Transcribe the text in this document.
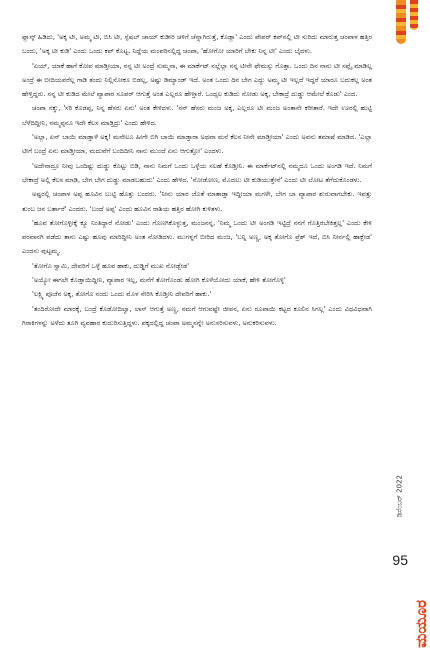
ಫ್ಲಾಸ್ಕ್ ಹಿಡಿದು, 'ಅಕ್ಕ ಟೀ, ಅಮ್ಮ ಟೀ, ಬಿಸಿ ಟೀ, ಸ್ಪೆಷಲ್ ಚಾಯ್ ಕುಡೀರಿ ಚಳಿಗೆ ಚೆನ್ನಾಗಿರುತ್ತೆ, ಕೊಡ್ಲಾ' ಎಂದು ಪೇಪರ್ ಕಪ್‌ನಲ್ಲಿ ಟೀ ಸುರಿದು ಮಾರುತ್ತ ಚಂಪಾಳ ಹತ್ತಿರ ಬಂದು, 'ಅಕ್ಕ ಟೀ ಕುಡಿ' ಎಂದು ಒಂದು ಕಪ್ ಕೊಟ್ಟ. ನಿದ್ದೆಯ ಮಂಪರಿನಲ್ಲಿದ್ದ ಚಂಪಾ, 'ಹೋಗೋ ಯಾರಿಗೆ ಬೇಕು ನಿನ್ನ ಟೀ' ಎಂದು ಬೈದಳು.

'ಏಯ್, ಯಾಕೆ ಹಾಗೆ ಕೋಪ ಮಾಡ್ತೀಯಾ, ನನ್ನ ಟೀ ಅಂದ್ರೆ ಸುಮ್ಮನಾ, ಈ ಮಾರ್ಕೆಟ್ ನಲ್ಲೆಲ್ಲಾ ನನ್ನ ಟೀನೇ ಫೇಮಸ್ಸು ಗೊತ್ತಾ. ಒಂದು ದಿನ ನಾನು ಟೀ ಸಪ್ಲೈ ಮಾಡಿಲ್ಲ ಅಂದ್ರೆ ಈ ಬೀದಿಯವರೆಲ್ಲ ಗಾಡಿ ತಂದು ನಿಲ್ಲಿಸೋಕೂ ಬಿಡಲ್ಲ, ಅಷ್ಟು ಡಿಮ್ಯಾಂಡ್ ಇದೆ. ಅಂತ ಒಂದು ದಿನ ಬೇಗ ಎದ್ದು ಅಮ್ಮ ಟೀ ಇಲ್ಲದೆ ಇದ್ದರೆ ಯಾರೂ ಬದುಕಲ್ಲ ಅಂತ ಹೇಳ್ತಿದ್ದರು. ನನ್ನ ಟೀ ಕುಡಿದ ಮೇಲೆ ವ್ಯಾಪಾರ ಸೂಪರ್ ಆಗುತ್ತೆ ಅಂತ ಎಲ್ಲರೂ ಹೇಳ್ತಾರೆ. ಒಂದ್ಸಲ ಕುಡಿದು ನೋಡು ಅಕ್ಕ, ಬೇಕಾದ್ರೆ ದುಡ್ಡು ಆಮೇಲೆ ಕೊಡು' ಎಂದ.

ಚಂಪಾ ನಕ್ಕು, 'ಸರಿ ಕೊಡಪ್ಪ, ನಿನ್ನ ಹೆಸರು ಏನು' ಅಂತ ಕೇಳಿದಳು. 'ನನ್ ಹೆಸರು ಮಂಜ ಅಕ್ಕ, ಎಲ್ಲರೂ ಟೀ ಮಂಜ ಅಂತಾನೇ ಕರೀತಾರೆ. ಇದೇ ಊರಲ್ಲಿ ಹುಟ್ಟಿ ಬೆಳೆದಿದ್ದೀನಿ, ನಮ್ಮಪ್ಪನೂ ಇದೇ ಕೆಲಸ ಮಾಡ್ತಿದ್ರು' ಎಂದು ಹೇಳಿದ.

'ಅಲ್ಲಾ, ಏನ್ ಬಾಯಿ ಮಾಡ್ತಾಳೆ ಅಕ್ಕ! ಮನೇಲೂ ಹೀಗೇ ಬಿಗಿ ಬಾಯಿ ಮಾಡ್ತಾರಾ ಅಥವಾ ಮನೆ ಕೆಲಸ ನೀನೇ ಮಾಡ್ತೀಯಾ' ಎಂದು ಅವನು ತಮಾಷೆ ಮಾಡಿದ. 'ಎಲ್ಲಾ ಟೀಗೆ ಬಂದ್ರೆ ಏನು ಮಾಡ್ತೀಯಾ, ಮದುವೆಗೆ ಬಂದಿದೀನಿ ನಾನು ಮುಂದೆ ಏನು ಆಗುತ್ತೋ' ಎಂದಳು.

'ಅದೇನಾದ್ರೂ ನೀವು ಒಂದಿಷ್ಟು ದುಡ್ಡು ಕೊಟ್ಟು ಬಿಡಿ, ನಾನು ನಿಮಗೆ ಒಂದು ಒಳ್ಳೆಯ ಸಲಹೆ ಕೊಡ್ತೀನಿ. ಈ ಮಾರ್ಕೆಟ್‌ನಲ್ಲಿ ನಮ್ಮದೂ ಒಂದು ಅಂಗಡಿ ಇದೆ. ನಿಮಗೆ ಬೇಕಾದ್ರೆ ಅಲ್ಲಿ ಕೆಲಸ ಮಾಡಿ, ಬೇಗ ಬೇಗ ದುಡ್ಡು ಮಾಡಬಹುದು' ಎಂದು ಹೇಳಿದ. 'ನೋಡೋಣ, ಮೊದಲು ಟೀ ಕುಡಿಯುತ್ತೇನೆ' ಎಂದು ಟೀ ಲೋಟ ತೆಗೆದುಕೊಂಡಳು.

ಅಷ್ಟರಲ್ಲಿ ಚಂಪಾಳ ಅಪ್ಪ ಹೂವಿನ ಬುಟ್ಟಿ ಹೊತ್ತು ಬಂದರು. 'ನೀನು ಯಾರ ಜೊತೆ ಮಾತಾಡ್ತಾ ಇದ್ದೀಯಾ ಮಗಳೇ, ಬೇಗ ಬಾ ವ್ಯಾಪಾರ ಶುರುವಾಗಬೇಕು. ಇವತ್ತು ತುಂಬ ಜನ ಬರ್ತಾರೆ' ಎಂದರು. 'ಬಂದೆ ಅಪ್ಪ' ಎಂದು ಹೂವಿನ ರಾಶಿಯ ಹತ್ತಿರ ಹೋಗಿ ಕುಳಿತಳು.

'ಹೂವ ತೋಗೊಳ್ಳೀಕ್ಕೆ ಕ್ಯೂ ನಿಂತಿದ್ದಾರೆ ನೋಡು' ಎಂದು ಗೊಣಗಿಕೊಳ್ಳುತ್ತ, ಮಂಜನನ್ನ, 'ನಿಮ್ಮ ಒಂದು ಟೀ ಅಂಗಡಿ ಇಟ್ಟಿದ್ರೆ ನನಗೆ ಗೊತ್ತಿರಬೇಕಿತ್ತಲ್ಲ' ಎಂದು ಕೇಳಿ ಪರವಾನಗಿ ಪಡೆದು ತಾನು ಎಷ್ಟು ಹೂವು ಮಾರಿದ್ದೀನಿ ಅಂತ ನೋಡಿದಳು. ಮುಗಳ್ನಗೆ ಬೀರಿದ ಮಂಜ, 'ಬನ್ನಿ ಅಣ್ಣ, ಅಕ್ಕ ತೋಗೊ ಪ್ರೆಶ್ ಇದೆ, ಬಿಸಿ ನೀರ್ನಲ್ಲಿ ಹಾಕ್ಬೇಡ' ಎಂದನು ಪುಟ್ಟಮ್ಮ.

'ತೋಗೊ ಸ್ವಾಮಿ, ದೇವರಿಗೆ ಒಳ್ಳೆ ಹೂವ ಹಾಕು, ದುಡ್ಡಿಗೆ ಮುಖ ನೋಡ್ಬೇಡ'

'ಅಯ್ಯೋ ಈಗಲೇ ಕೊಡ್ತಾಯಿದ್ದೀನಿ, ವ್ಯಾಪಾರ ಇಲ್ಲ, ಮನೆಗೆ ತೋಗೊಂಡು ಹೋಗಿ ಕೊಳೆಯೋದು ಯಾಕೆ, ಹೇಳಿ ತೋಗೊಳ್ಳಿ'

'ಲಕ್ಷ್ಮಿ ಪೂಜೆನ ಅಕ್ಕ, ತೋಗೊ ನಂದು ಒಂದು ಮೊಳ ಸೇರಿಸಿ ಕೊಡ್ತೀನಿ ದೇವರಿಗೆ ಹಾಕು.'

'ತಂದಿರೋದೇ ಮಾರಕ್ಕೆ, ಬಂದ್ರೆ ಕೊಡೋದಿಲ್ವಾ, ಲಾಸ್ ಆಗುತ್ತೆ ಅಣ್ಣ, ನಮಗೆ ಆಗುವಷ್ಟೇ ಜೀವನ, ಏನು ರೂಪಾಯಿ ಕಟ್ಟದ ಕೂಲಿನ ಸಿಗಲ್ಲ' ಎಂದು ವಿಧವಿಧವಾಗಿ ಗಿರಾಕಿಗಳನ್ನು ಅಳೆದು ತೂಗಿ ವ್ಯವಹಾರ ಕುದುರಿಸುತ್ತಿದ್ದಳು. ಪಕ್ಕದಲ್ಲಿದ್ದ ಚಂಪಾ ಅಮ್ಮನನ್ನೇ ಅನುಸರಿಸುವಳು, ಅನುಕರಿಸುವಳು.

ಡಿಸೆಂಬರ್ 2022
ಮಯೂರ
95
